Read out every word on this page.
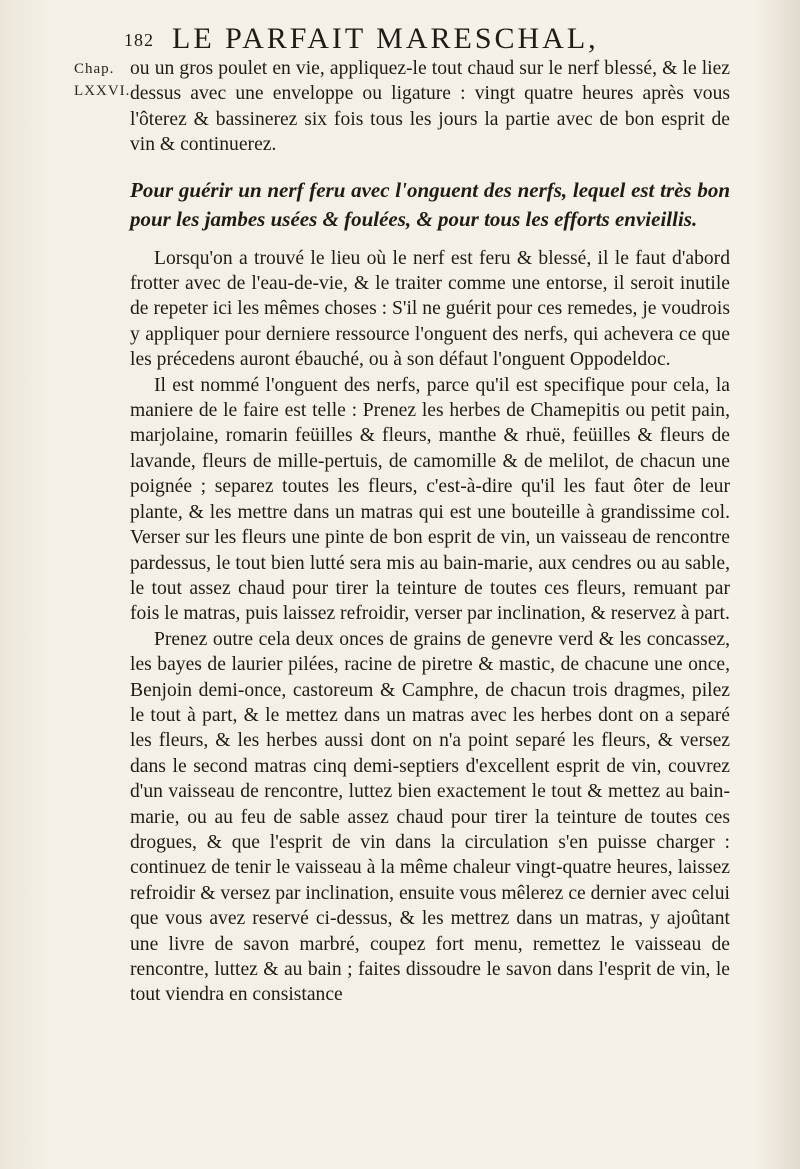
182 LE PARFAIT MARESCHAL,
Chap.
LXXVI.

ou un gros poulet en vie, appliquez-le tout chaud sur le nerf blessé, & le liez dessus avec une enveloppe ou ligature : vingt quatre heures après vous l'ôterez & bassinerez six fois tous les jours la partie avec de bon esprit de vin & continuerez.

Pour guérir un nerf feru avec l'onguent des nerfs, lequel est très bon pour les jambes usées & foulées, & pour tous les efforts envieillis.

Lorsqu'on a trouvé le lieu où le nerf est feru & blessé, il le faut d'abord frotter avec de l'eau-de-vie, & le traiter comme une entorse, il seroit inutile de repeter ici les mêmes choses : S'il ne guérit pour ces remedes, je voudrois y appliquer pour derniere ressource l'onguent des nerfs, qui achevera ce que les précedens auront ébauché, ou à son défaut l'onguent Oppodeldoc.

Il est nommé l'onguent des nerfs, parce qu'il est specifique pour cela, la maniere de le faire est telle : Prenez les herbes de Chamepitis ou petit pain, marjolaine, romarin feüilles & fleurs, manthe & rhuë, feüilles & fleurs de lavande, fleurs de mille-pertuis, de camomille & de melilot, de chacun une poignée ; separez toutes les fleurs, c'est-à-dire qu'il les faut ôter de leur plante, & les mettre dans un matras qui est une bouteille à grandissime col. Verser sur les fleurs une pinte de bon esprit de vin, un vaisseau de rencontre pardessus, le tout bien lutté sera mis au bain-marie, aux cendres ou au sable, le tout assez chaud pour tirer la teinture de toutes ces fleurs, remuant par fois le matras, puis laissez refroidir, verser par inclination, & reservez à part.

Prenez outre cela deux onces de grains de genevre verd & les concassez, les bayes de laurier pilées, racine de piretre & mastic, de chacune une once, Benjoin demi-once, castoreum & Camphre, de chacun trois dragmes, pilez le tout à part, & le mettez dans un matras avec les herbes dont on a separé les fleurs, & les herbes aussi dont on n'a point separé les fleurs, & versez dans le second matras cinq demi-septiers d'excellent esprit de vin, couvrez d'un vaisseau de rencontre, luttez bien exactement le tout & mettez au bain-marie, ou au feu de sable assez chaud pour tirer la teinture de toutes ces drogues, & que l'esprit de vin dans la circulation s'en puisse charger : continuez de tenir le vaisseau à la même chaleur vingt-quatre heures, laissez refroidir & versez par inclination, ensuite vous mêlerez ce dernier avec celui que vous avez reservé ci-dessus, & les mettrez dans un matras, y ajoûtant une livre de savon marbré, coupez fort menu, remettez le vaisseau de rencontre, luttez & au bain ; faites dissoudre le savon dans l'esprit de vin, le tout viendra en consistance
